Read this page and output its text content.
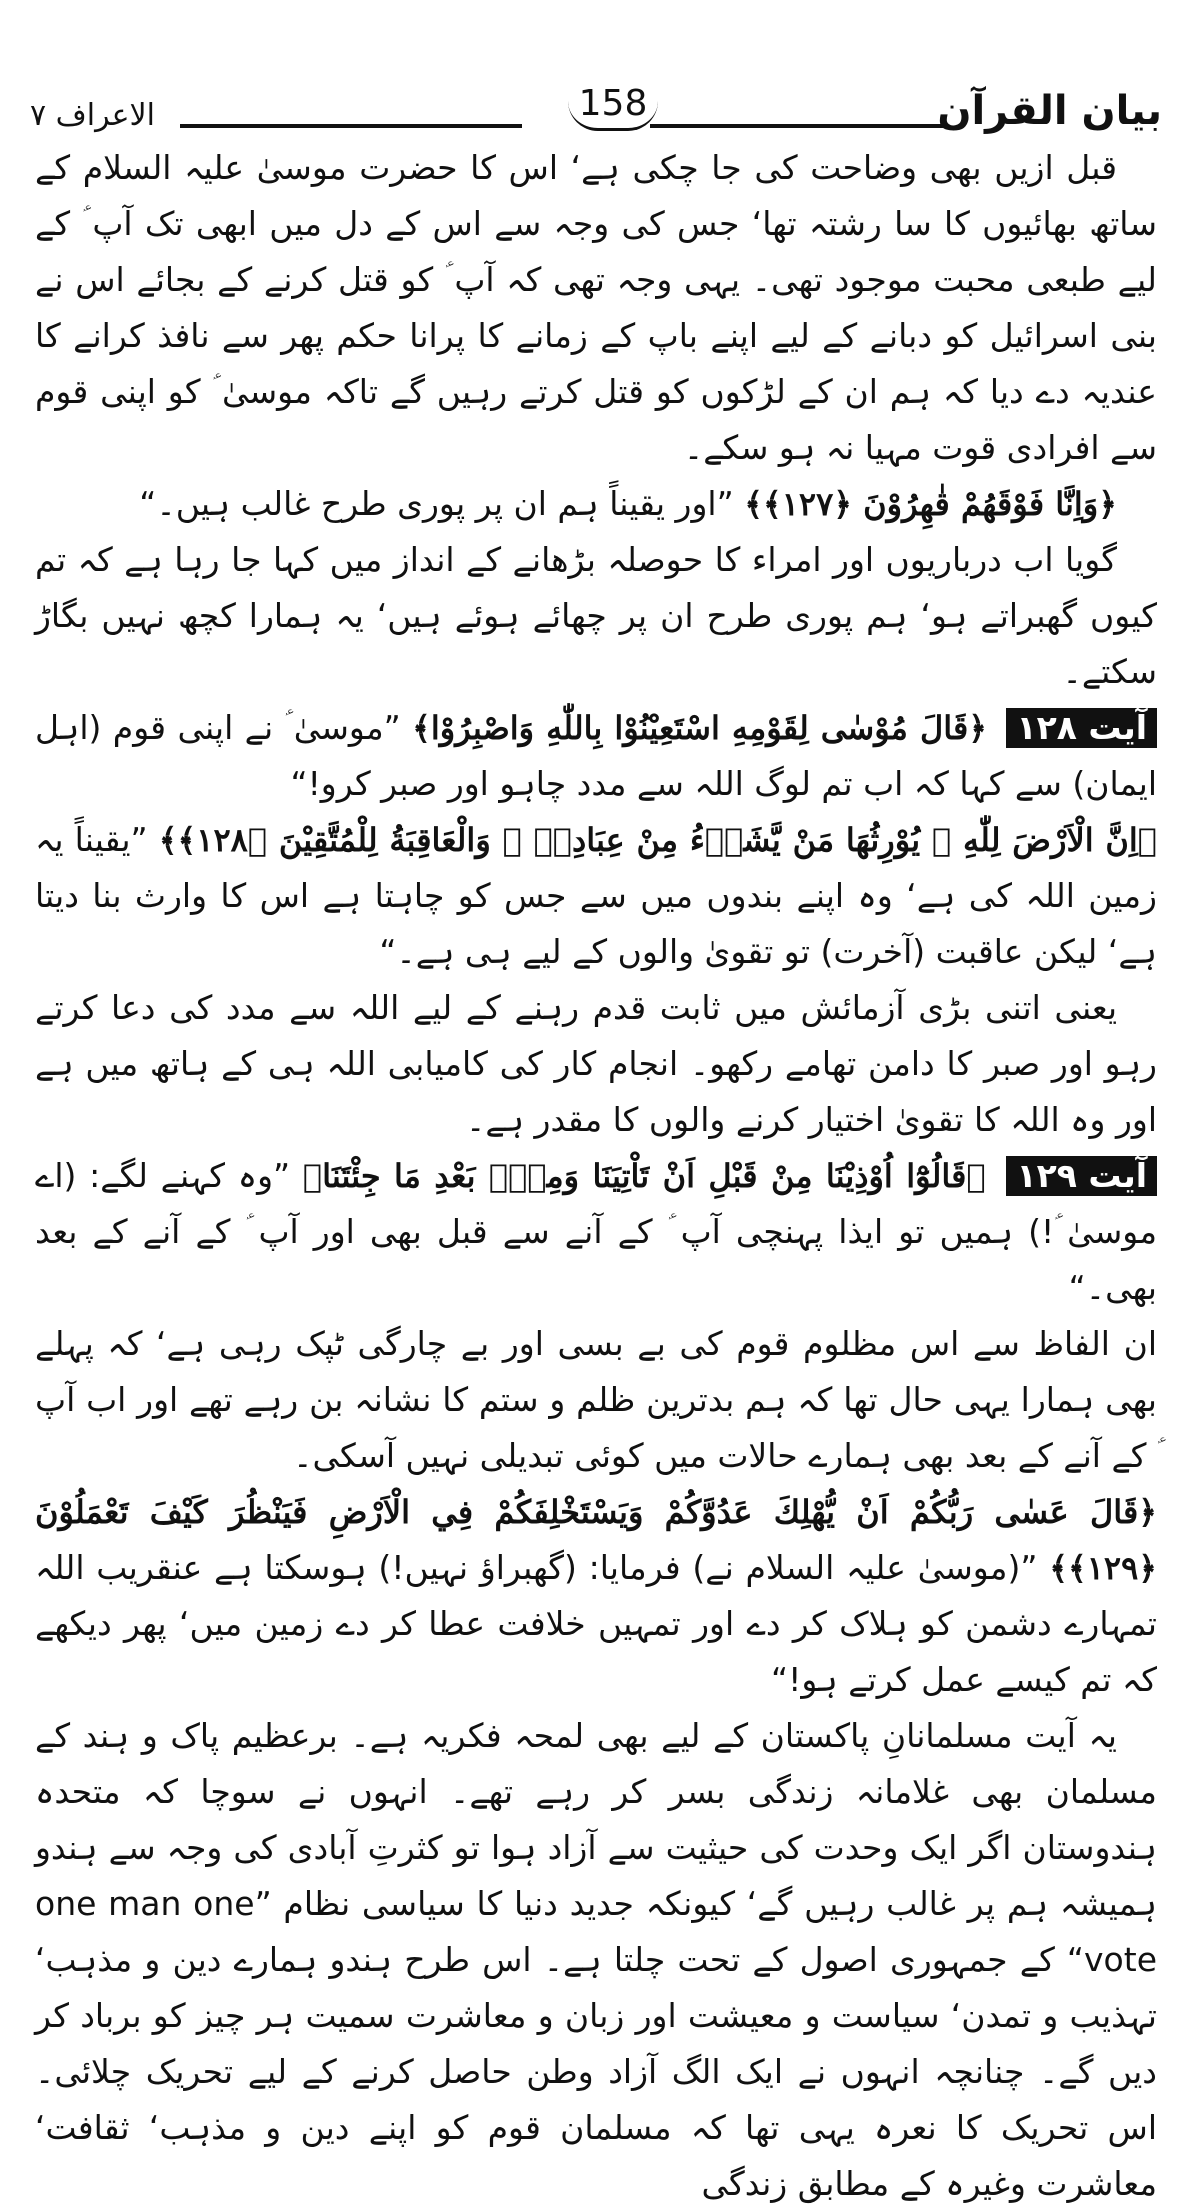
الاعراف ۷	158	بیان القرآن

قبل ازیں بھی وضاحت کی جا چکی ہے‘ اس کا حضرت موسیٰ علیہ السلام کے ساتھ بھائیوں کا سا رشتہ تھا‘ جس کی وجہ سے اس کے دل میں ابھی تک آپ ؑ کے لیے طبعی محبت موجود تھی۔ یہی وجہ تھی کہ آپ ؑ کو قتل کرنے کے بجائے اس نے بنی اسرائیل کو دبانے کے لیے اپنے باپ کے زمانے کا پرانا حکم پھر سے نافذ کرانے کا عندیہ دے دیا کہ ہم ان کے لڑکوں کو قتل کرتے رہیں گے تاکہ موسیٰ ؑ کو اپنی قوم سے افرادی قوت مہیا نہ ہو سکے۔

﴿وَاِنَّا فَوْقَهُمْ قٰهِرُوْنَ ﴿١٢٧﴾﴾ ”اور یقیناً ہم ان پر پوری طرح غالب ہیں۔“

گویا اب درباریوں اور امراء کا حوصلہ بڑھانے کے انداز میں کہا جا رہا ہے کہ تم کیوں گھبراتے ہو‘ ہم پوری طرح ان پر چھائے ہوئے ہیں‘ یہ ہمارا کچھ نہیں بگاڑ سکتے۔

آیت ۱۲۸ ﴿قَالَ مُوْسٰى لِقَوْمِهِ اسْتَعِيْنُوْا بِاللّٰهِ وَاصْبِرُوْا﴾ ”موسیٰ ؑ نے اپنی قوم (اہل ایمان) سے کہا کہ اب تم لوگ اللہ سے مدد چاہو اور صبر کرو!“

﴿اِنَّ الْاَرْضَ لِلّٰهِ ۙ يُوْرِثُهَا مَنْ يَّشَاۗءُ مِنْ عِبَادِهٖ ۭ وَالْعَاقِبَةُ لِلْمُتَّقِيْنَ ﴿١٢٨﴾﴾ ”یقیناً یہ زمین اللہ کی ہے‘ وہ اپنے بندوں میں سے جس کو چاہتا ہے اس کا وارث بنا دیتا ہے‘ لیکن عاقبت (آخرت) تو تقویٰ والوں کے لیے ہی ہے۔“

یعنی اتنی بڑی آزمائش میں ثابت قدم رہنے کے لیے اللہ سے مدد کی دعا کرتے رہو اور صبر کا دامن تھامے رکھو۔ انجام کار کی کامیابی اللہ ہی کے ہاتھ میں ہے اور وہ اللہ کا تقویٰ اختیار کرنے والوں کا مقدر ہے۔

آیت ۱۲۹ ﴿قَالُوْٓا اُوْذِيْنَا مِنْ قَبْلِ اَنْ تَاْتِيَنَا وَمِنْۢ بَعْدِ مَا جِئْتَنَا﴾ ”وہ کہنے لگے: (اے موسیٰ ؑ!) ہمیں تو ایذا پہنچی آپ ؑ کے آنے سے قبل بھی اور آپ ؑ کے آنے کے بعد بھی۔“

ان الفاظ سے اس مظلوم قوم کی بے بسی اور بے چارگی ٹپک رہی ہے‘ کہ پہلے بھی ہمارا یہی حال تھا کہ ہم بدترین ظلم و ستم کا نشانہ بن رہے تھے اور اب آپ ؑ کے آنے کے بعد بھی ہمارے حالات میں کوئی تبدیلی نہیں آسکی۔

﴿قَالَ عَسٰى رَبُّكُمْ اَنْ يُّهْلِكَ عَدُوَّكُمْ وَيَسْتَخْلِفَكُمْ فِي الْاَرْضِ فَيَنْظُرَ كَيْفَ تَعْمَلُوْنَ ﴿١٢٩﴾﴾ ”(موسیٰ علیہ السلام نے) فرمایا: (گھبراؤ نہیں!) ہوسکتا ہے عنقریب اللہ تمہارے دشمن کو ہلاک کر دے اور تمہیں خلافت عطا کر دے زمین میں‘ پھر دیکھے کہ تم کیسے عمل کرتے ہو!“

یہ آیت مسلمانانِ پاکستان کے لیے بھی لمحہ فکریہ ہے۔ برعظیم پاک و ہند کے مسلمان بھی غلامانہ زندگی بسر کر رہے تھے۔ انہوں نے سوچا کہ متحدہ ہندوستان اگر ایک وحدت کی حیثیت سے آزاد ہوا تو کثرتِ آبادی کی وجہ سے ہندو ہمیشہ ہم پر غالب رہیں گے‘ کیونکہ جدید دنیا کا سیاسی نظام ”one man one vote“ کے جمہوری اصول کے تحت چلتا ہے۔ اس طرح ہندو ہمارے دین و مذہب‘ تہذیب و تمدن‘ سیاست و معیشت اور زبان و معاشرت سمیت ہر چیز کو برباد کر دیں گے۔ چنانچہ انہوں نے ایک الگ آزاد وطن حاصل کرنے کے لیے تحریک چلائی۔ اس تحریک کا نعرہ یہی تھا کہ مسلمان قوم کو اپنے دین و مذہب‘ ثقافت‘ معاشرت وغیرہ کے مطابق زندگی
